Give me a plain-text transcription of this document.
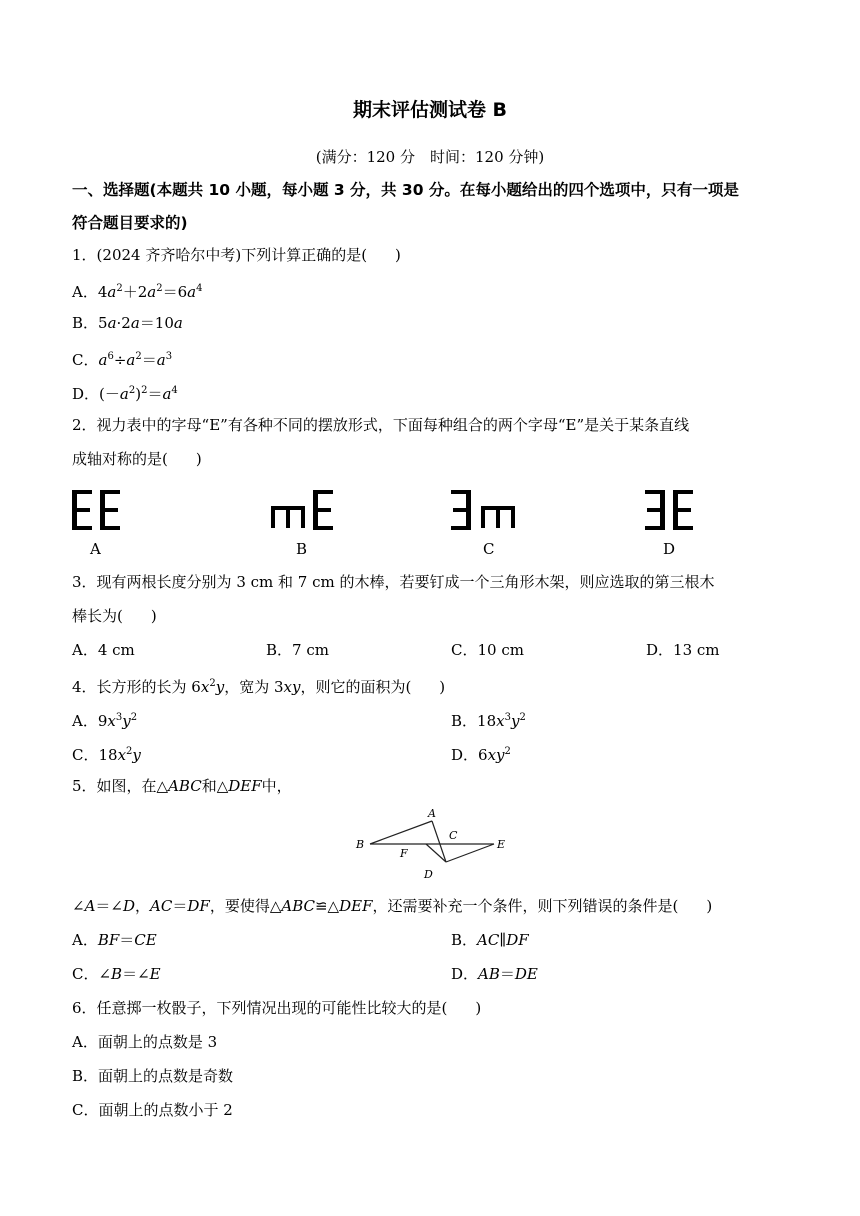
期末评估测试卷 B
(满分：120 分　时间：120 分钟)
一、选择题(本题共 10 小题，每小题 3 分，共 30 分。在每小题给出的四个选项中，只有一项是
符合题目要求的)
1．(2024 齐齐哈尔中考)下列计算正确的是( )
A．$4a^2+2a^2=6a^4$
B．5a·2a＝10a
C．$a^6\div a^2=a^3$
D．$(-a^2)^2=a^4$
2．视力表中的字母“E”有各种不同的摆放形式，下面每种组合的两个字母“E”是关于某条直线
成轴对称的是( )
A	B	C	D
3．现有两根长度分别为 3 cm 和 7 cm 的木棒，若要钉成一个三角形木架，则应选取的第三根木
棒长为( )
A．4 cm	B．7 cm	C．10 cm	D．13 cm
4．长方形的长为 $6x^2y$，宽为 3xy，则它的面积为( )
A．$9x^3y^2$	B．$18x^3y^2$
C．$18x^2y$	D．$6xy^2$
5．如图，在△ABC和△DEF中，
A
B
C
F
E
D
∠A＝∠D，AC＝DF，要使得△ABC≌△DEF，还需要补充一个条件，则下列错误的条件是( )
A．BF＝CE	B．AC∥DF
C．∠B＝∠E	D．AB＝DE
6．任意掷一枚骰子，下列情况出现的可能性比较大的是( )
A．面朝上的点数是 3
B．面朝上的点数是奇数
C．面朝上的点数小于 2
